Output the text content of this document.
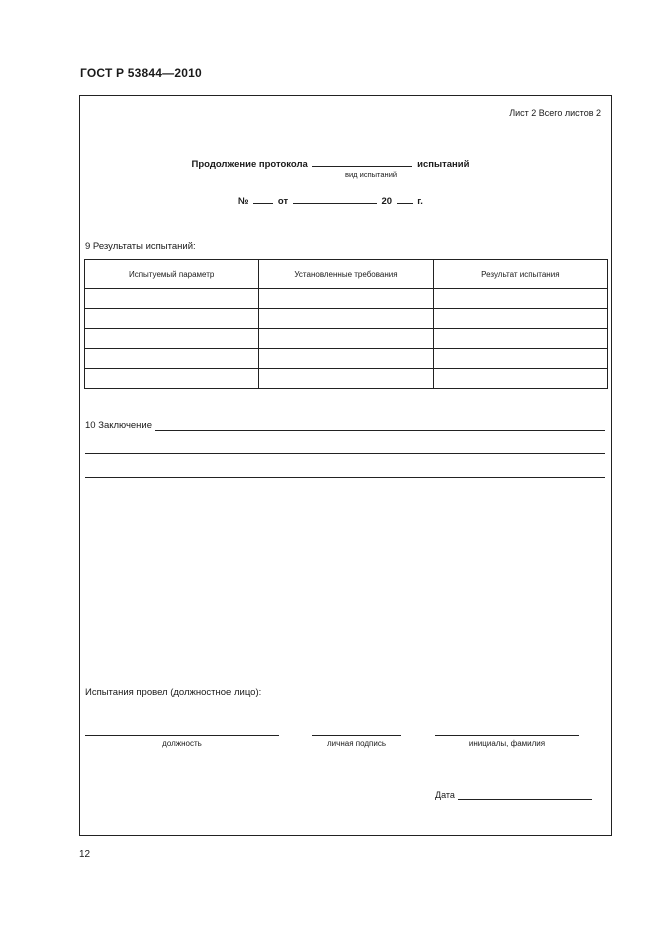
ГОСТ Р 53844—2010
Лист 2 Всего листов 2
Продолжение протокола	испытаний
вид испытаний
№	от	20	г.
9 Результаты испытаний:
Испытуемый параметр	Установленные требования	Результат испытания

10 Заключение
Испытания провел (должностное лицо):
должность	личная подпись	инициалы, фамилия
Дата
12
